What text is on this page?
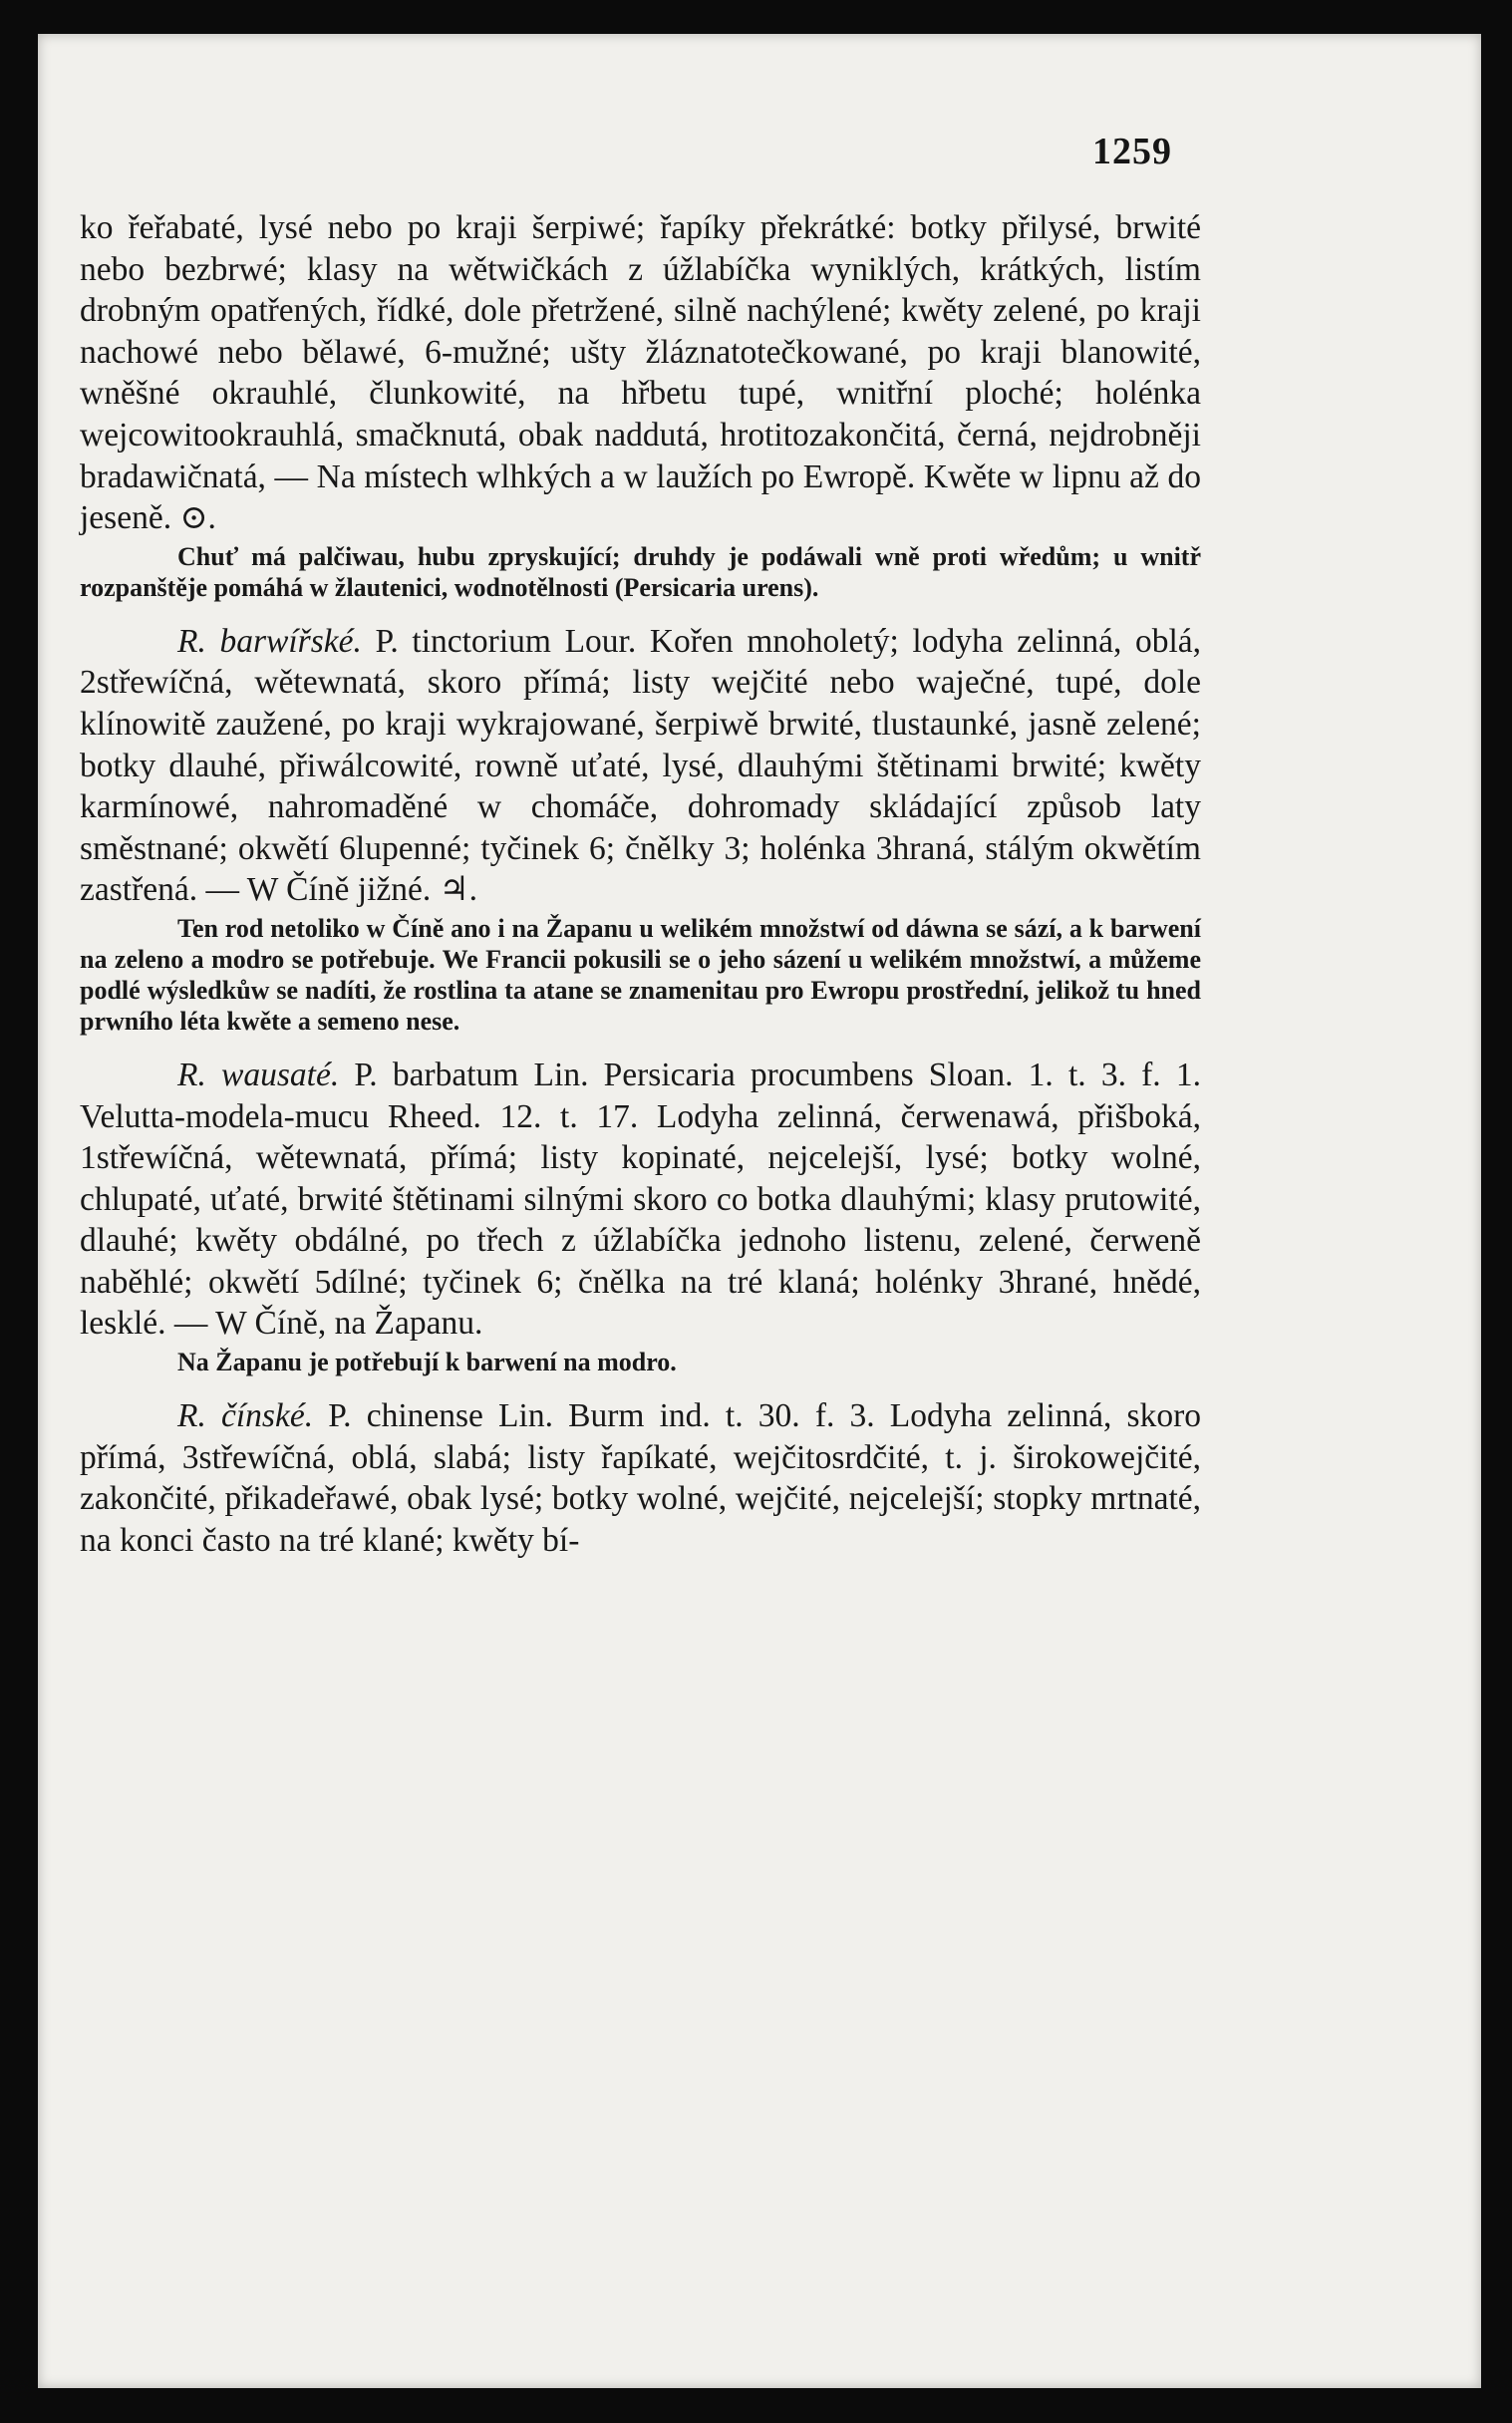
1259

ko řeřabaté, lysé nebo po kraji šerpiwé; řapíky překrátké: botky přilysé, brwité nebo bezbrwé; klasy na wětwičkách z úžlabíčka wyniklých, krátkých, listím drobným opatřených, řídké, dole přetržené, silně nachýlené; kwěty zelené, po kraji nachowé nebo bělawé, 6-mužné; ušty žláznatotečkowané, po kraji blanowité, wněšné okrauhlé, člunkowité, na hřbetu tupé, wnitřní ploché; holénka wejcowitookrauhlá, smačknutá, obak naddutá, hrotitozakončitá, černá, nejdrobněji bradawičnatá, — Na místech wlhkých a w laužích po Ewropě. Kwěte w lipnu až do jeseně. ⊙.

Chuť má palčiwau, hubu zpryskující; druhdy je podáwali wně proti wředům; u wnitř rozpanštěje pomáhá w žlautenici, wodnotělnosti (Persicaria urens).

R. barwířské. P. tinctorium Lour. Kořen mnoholetý; lodyha zelinná, oblá, 2střewíčná, wětewnatá, skoro přímá; listy wejčité nebo waječné, tupé, dole klínowitě zaužené, po kraji wykrajowané, šerpiwě brwité, tlustaunké, jasně zelené; botky dlauhé, přiwálcowité, rowně uťaté, lysé, dlauhými štětinami brwité; kwěty karmínowé, nahromaděné w chomáče, dohromady skládající způsob laty směstnané; okwětí 6lupenné; tyčinek 6; čnělky 3; holénka 3hraná, stálým okwětím zastřená. — W Číně jižné. ♃.

Ten rod netoliko w Číně ano i na Žapanu u welikém množstwí od dáwna se sází, a k barwení na zeleno a modro se potřebuje. We Francii pokusili se o jeho sázení u welikém množstwí, a můžeme podlé wýsledkůw se nadíti, že rostlina ta atane se znamenitau pro Ewropu prostřední, jelikož tu hned prwního léta kwěte a semeno nese.

R. wausaté. P. barbatum Lin. Persicaria procumbens Sloan. 1. t. 3. f. 1. Velutta-modela-mucu Rheed. 12. t. 17. Lodyha zelinná, čerwenawá, přišboká, 1střewíčná, wětewnatá, přímá; listy kopinaté, nejcelejší, lysé; botky wolné, chlupaté, uťaté, brwité štětinami silnými skoro co botka dlauhými; klasy prutowité, dlauhé; kwěty obdálné, po třech z úžlabíčka jednoho listenu, zelené, čerweně naběhlé; okwětí 5dílné; tyčinek 6; čnělka na tré klaná; holénky 3hrané, hnědé, lesklé. — W Číně, na Žapanu.

Na Žapanu je potřebují k barwení na modro.

R. čínské. P. chinense Lin. Burm ind. t. 30. f. 3. Lodyha zelinná, skoro přímá, 3střewíčná, oblá, slabá; listy řapíkaté, wejčitosrdčité, t. j. širokowejčité, zakončité, přikadeřawé, obak lysé; botky wolné, wejčité, nejcelejší; stopky mrtnaté, na konci často na tré klané; kwěty bí-
